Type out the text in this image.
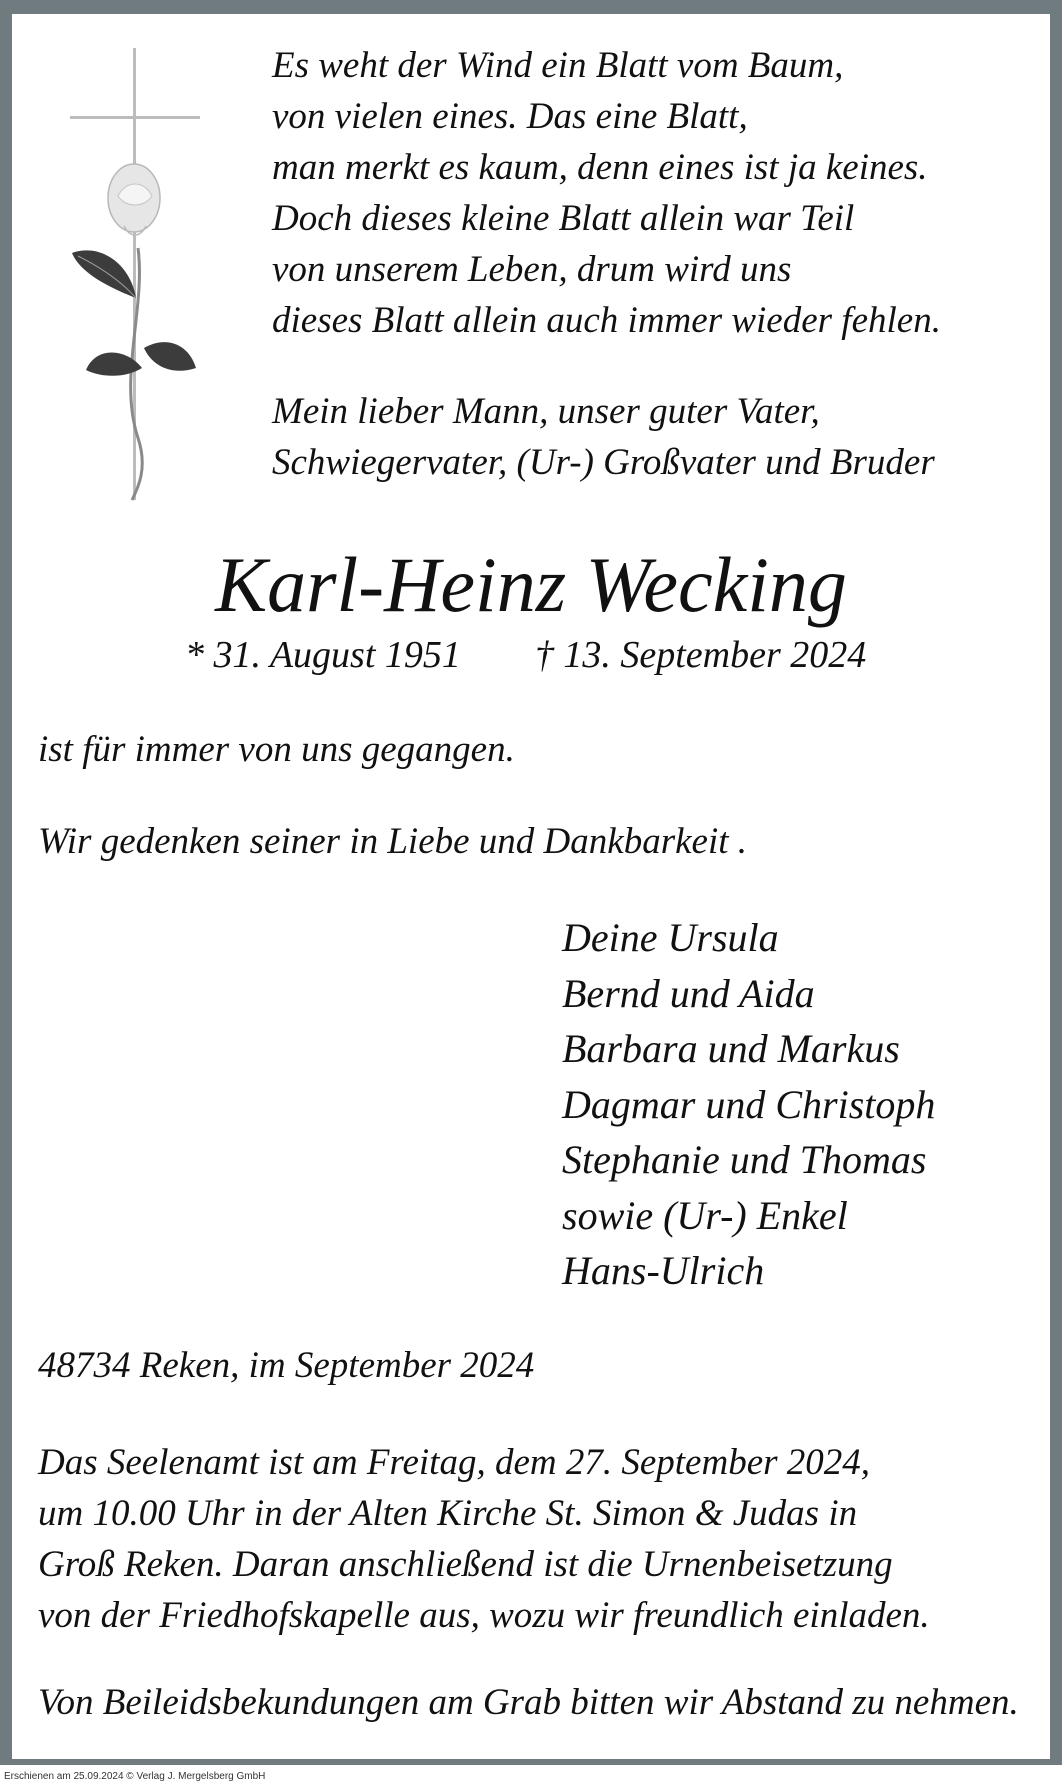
Es weht der Wind ein Blatt vom Baum,
von vielen eines. Das eine Blatt,
man merkt es kaum, denn eines ist ja keines.
Doch dieses kleine Blatt allein war Teil
von unserem Leben, drum wird uns
dieses Blatt allein auch immer wieder fehlen.
Mein lieber Mann, unser guter Vater,
Schwiegervater, (Ur-) Großvater und Bruder
Karl-Heinz Wecking
* 31. August 1951 † 13. September 2024
ist für immer von uns gegangen.
Wir gedenken seiner in Liebe und Dankbarkeit .
Deine Ursula
Bernd und Aida
Barbara und Markus
Dagmar und Christoph
Stephanie und Thomas
sowie (Ur-) Enkel
Hans-Ulrich
48734 Reken, im September 2024
Das Seelenamt ist am Freitag, dem 27. September 2024,
um 10.00 Uhr in der Alten Kirche St. Simon & Judas in
Groß Reken. Daran anschließend ist die Urnenbeisetzung
von der Friedhofskapelle aus, wozu wir freundlich einladen.
Von Beileidsbekundungen am Grab bitten wir Abstand zu nehmen.
Erschienen am 25.09.2024 © Verlag J. Mergelsberg GmbH
